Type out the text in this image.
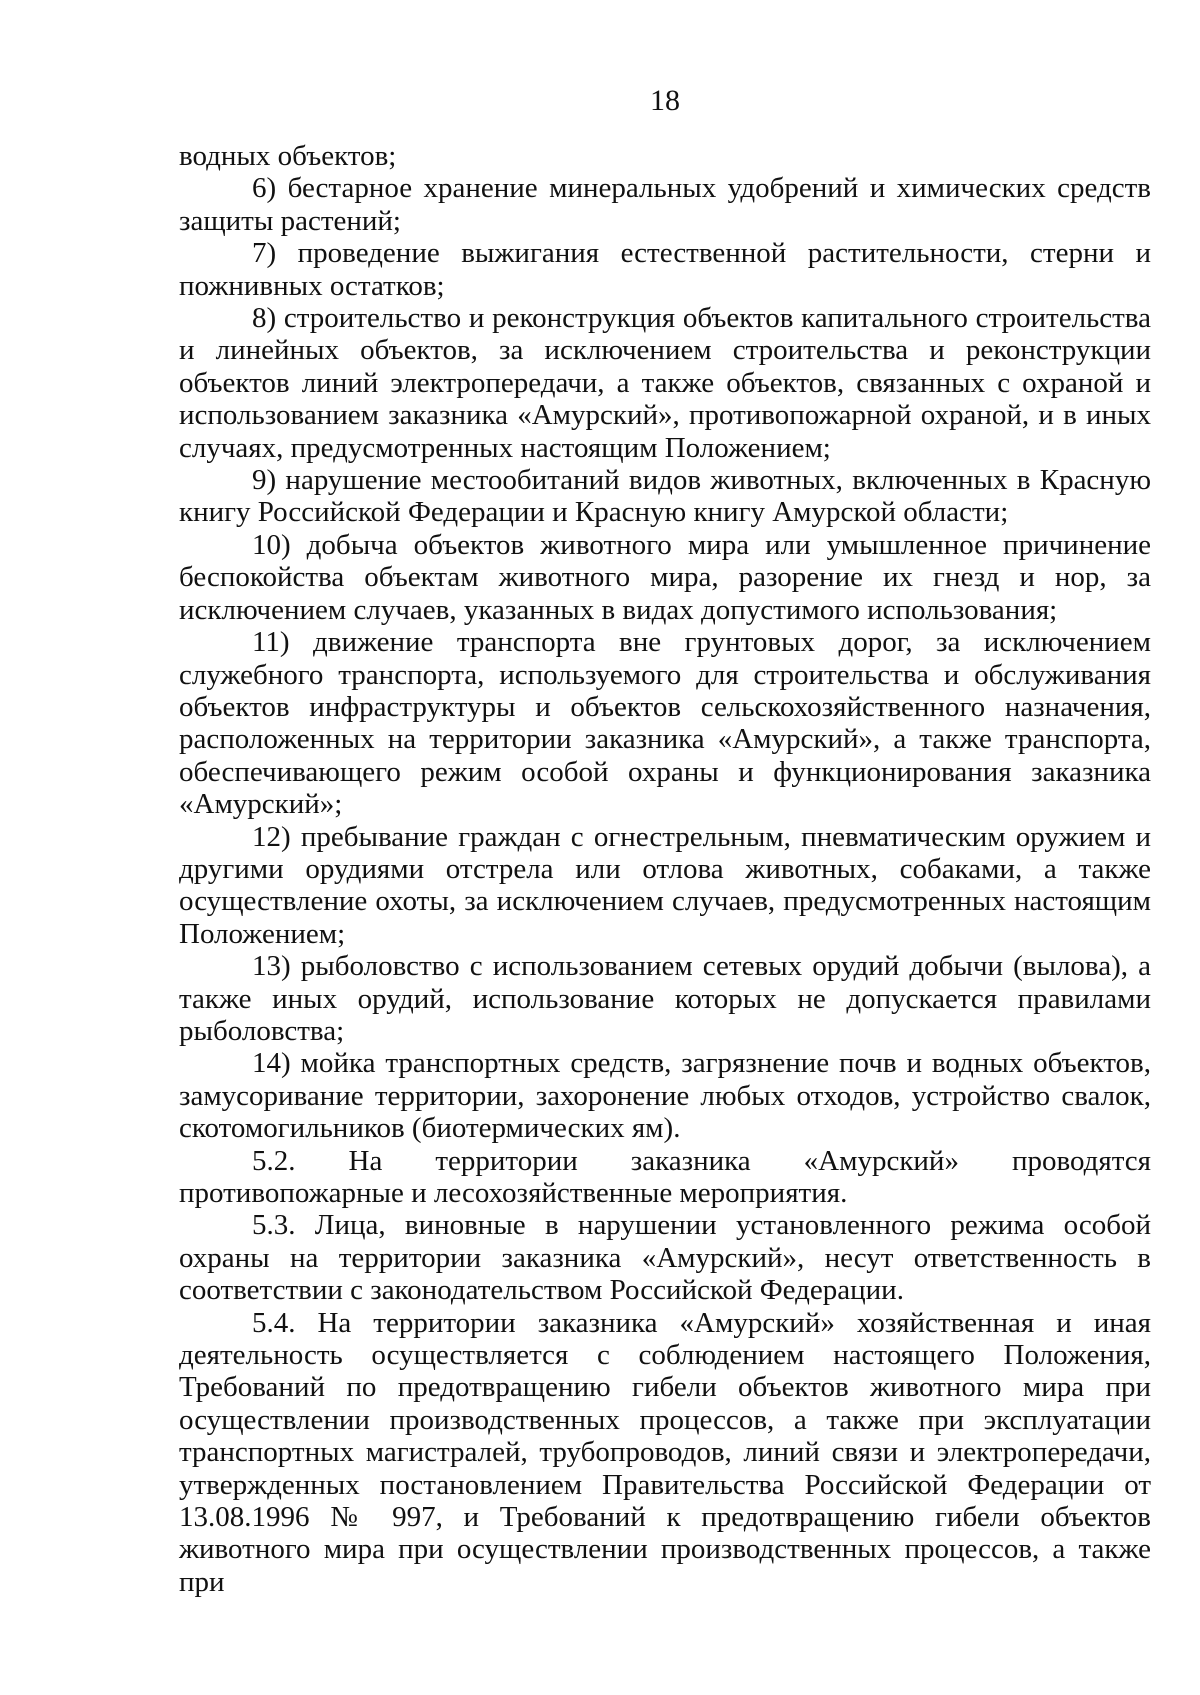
18

водных объектов;

6) бестарное хранение минеральных удобрений и химических средств защиты растений;

7) проведение выжигания естественной растительности, стерни и пожнивных остатков;

8) строительство и реконструкция объектов капитального строительства и линейных объектов, за исключением строительства и реконструкции объектов линий электропередачи, а также объектов, связанных с охраной и использованием заказника «Амурский», противопожарной охраной, и в иных случаях, предусмотренных настоящим Положением;

9) нарушение местообитаний видов животных, включенных в Красную книгу Российской Федерации и Красную книгу Амурской области;

10) добыча объектов животного мира или умышленное причинение беспокойства объектам животного мира, разорение их гнезд и нор, за исключением случаев, указанных в видах допустимого использования;

11) движение транспорта вне грунтовых дорог, за исключением служебного транспорта, используемого для строительства и обслуживания объектов инфраструктуры и объектов сельскохозяйственного назначения, расположенных на территории заказника «Амурский», а также транспорта, обеспечивающего режим особой охраны и функционирования заказника «Амурский»;

12) пребывание граждан с огнестрельным, пневматическим оружием и другими орудиями отстрела или отлова животных, собаками, а также осуществление охоты, за исключением случаев, предусмотренных настоящим Положением;

13) рыболовство с использованием сетевых орудий добычи (вылова), а также иных орудий, использование которых не допускается правилами рыболовства;

14) мойка транспортных средств, загрязнение почв и водных объектов, замусоривание территории, захоронение любых отходов, устройство свалок, скотомогильников (биотермических ям).

5.2. На территории заказника «Амурский» проводятся противопожарные и лесохозяйственные мероприятия.

5.3. Лица, виновные в нарушении установленного режима особой охраны на территории заказника «Амурский», несут ответственность в соответствии с законодательством Российской Федерации.

5.4. На территории заказника «Амурский» хозяйственная и иная деятельность осуществляется с соблюдением настоящего Положения, Требований по предотвращению гибели объектов животного мира при осуществлении производственных процессов, а также при эксплуатации транспортных магистралей, трубопроводов, линий связи и электропередачи, утвержденных постановлением Правительства Российской Федерации от 13.08.1996 № 997, и Требований к предотвращению гибели объектов животного мира при осуществлении производственных процессов, а также при
